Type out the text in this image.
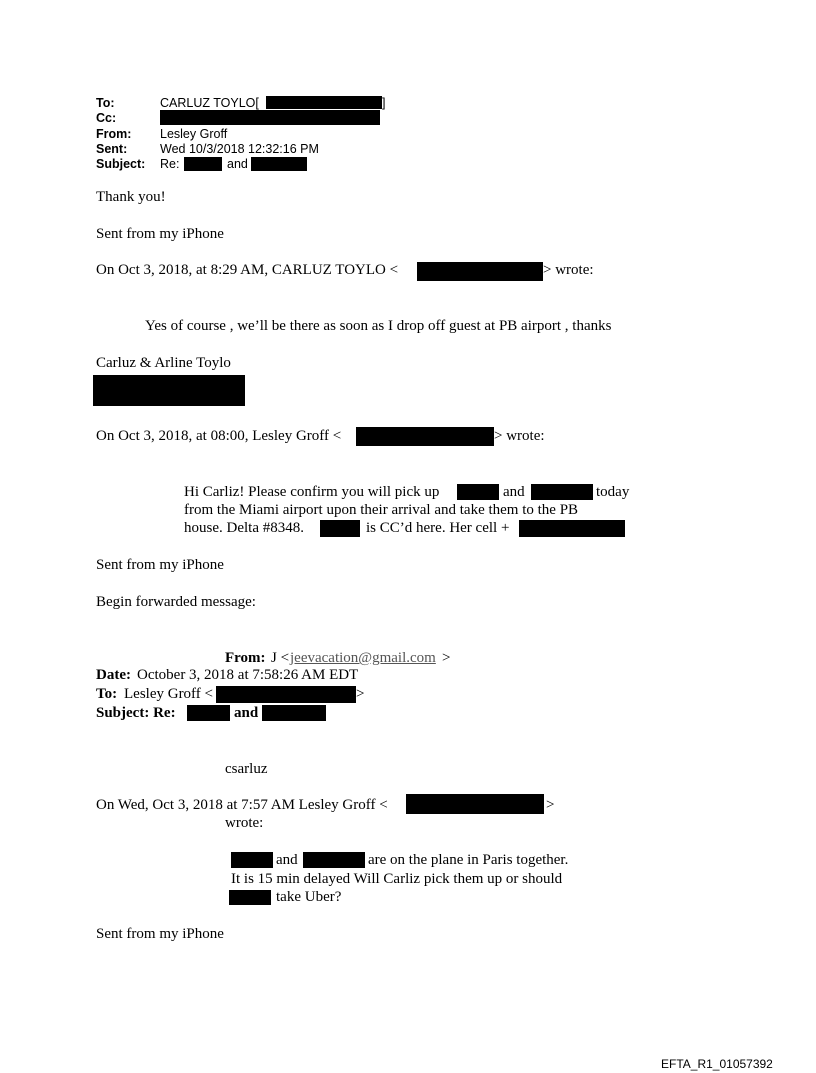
To:	CARLUZ TOYLO[	]
Cc:
From: Lesley Groff
Sent:	Wed 10/3/2018 12:32:16 PM
Subject: Re:	and
Thank you!
Sent from my iPhone
On Oct 3, 2018, at 8:29 AM, CARLUZ TOYLO <	> wrote:
Yes of course , we’ll be there as soon as I drop off guest at PB airport , thanks
Carluz & Arline Toylo
On Oct 3, 2018, at 08:00, Lesley Groff <	> wrote:
Hi Carliz! Please confirm you will pick up	and	today
from the Miami airport upon their arrival and take them to the PB
house. Delta #8348.	is CC’d here. Her cell +
Sent from my iPhone
Begin forwarded message:
From: J < jeevacation@gmail.com >
Date: October 3, 2018 at 7:58:26 AM EDT
To: Lesley Groff <	>
Subject: Re:	and
csarluz
On Wed, Oct 3, 2018 at 7:57 AM Lesley Groff <	>
wrote:
and	are on the plane in Paris together.
It is 15 min delayed Will Carliz pick them up or should
take Uber?
Sent from my iPhone
EFTA_R1_01057392
